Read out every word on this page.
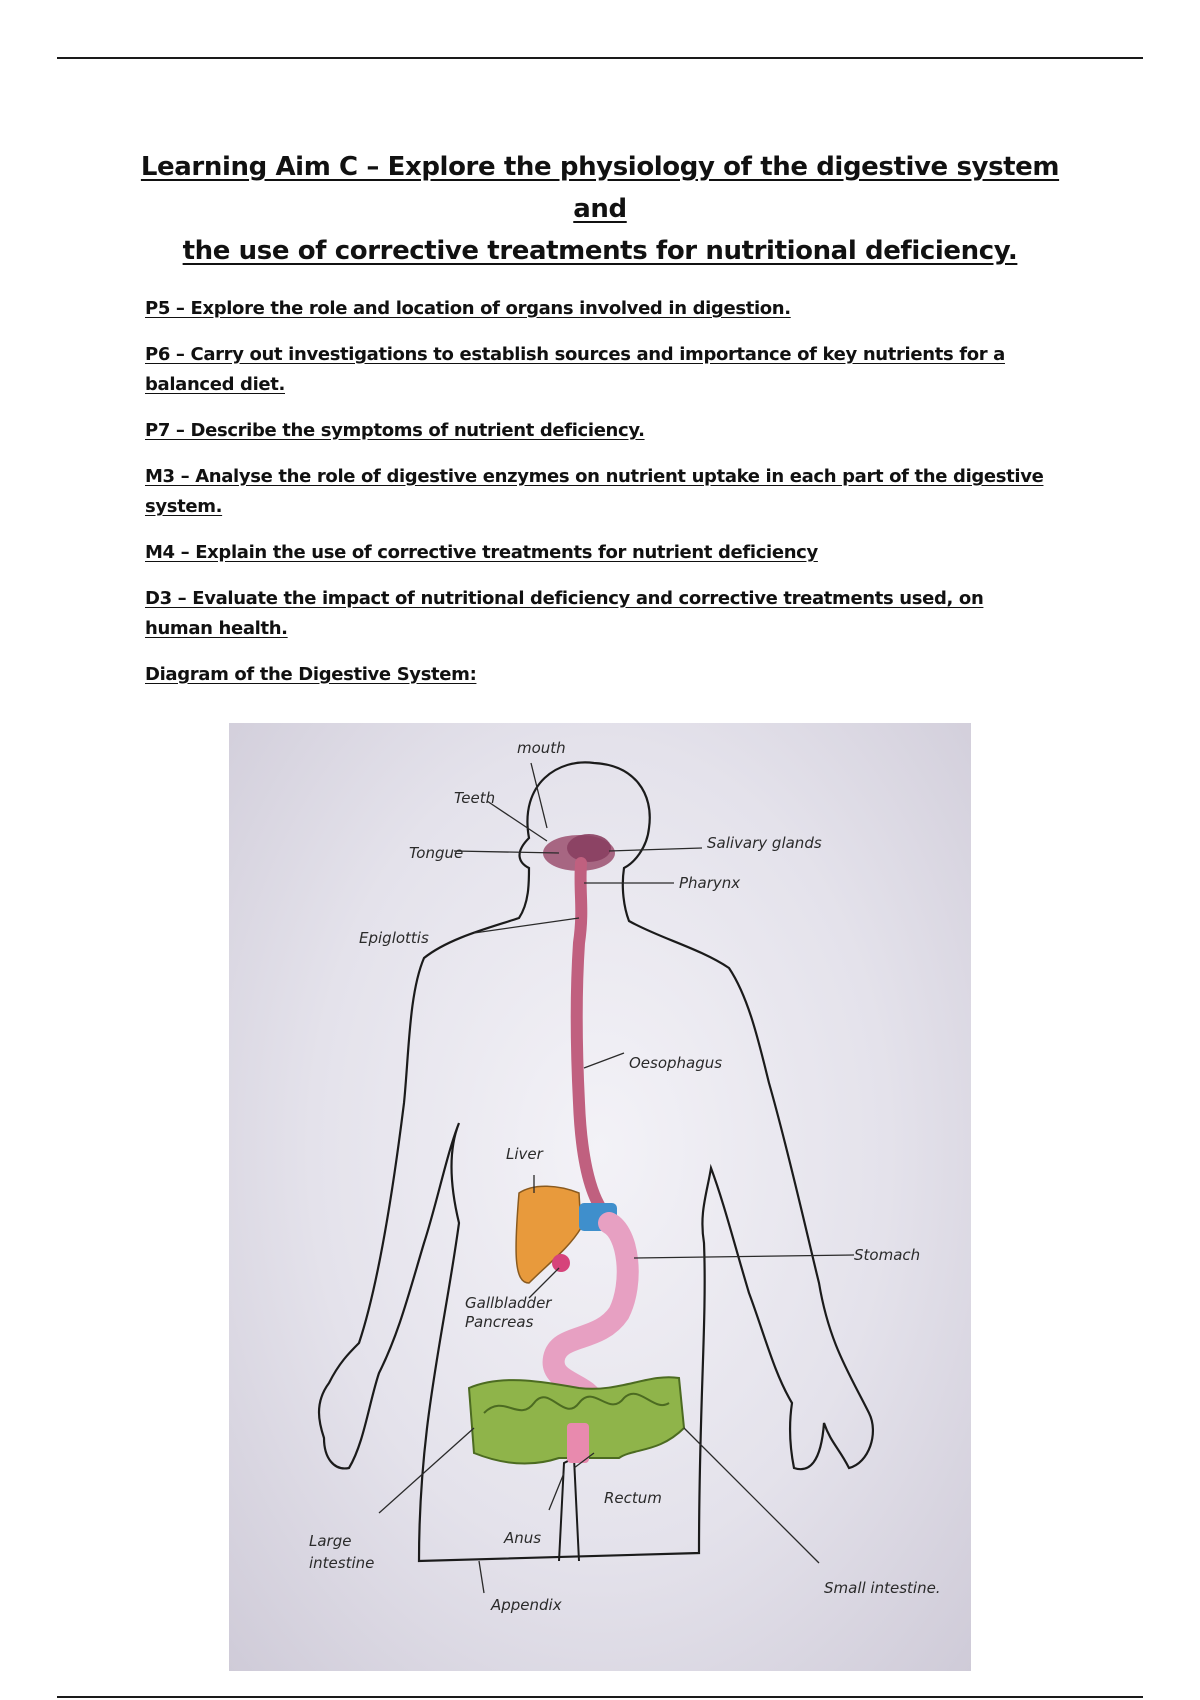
Learning Aim C – Explore the physiology of the digestive system and
the use of corrective treatments for nutritional deficiency.

P5 – Explore the role and location of organs involved in digestion.

P6 – Carry out investigations to establish sources and importance of key nutrients for a balanced diet.

P7 – Describe the symptoms of nutrient deficiency.

M3 – Analyse the role of digestive enzymes on nutrient uptake in each part of the digestive system.

M4 – Explain the use of corrective treatments for nutrient deficiency

D3 – Evaluate the impact of nutritional deficiency and corrective treatments used, on human health.

Diagram of the Digestive System:

mouth
Teeth
Tongue
Salivary glands
Pharynx
Epiglottis
Oesophagus
Liver
Stomach
Gallbladder
Pancreas
Rectum
Anus
Large
intestine
Appendix
Small intestine.
